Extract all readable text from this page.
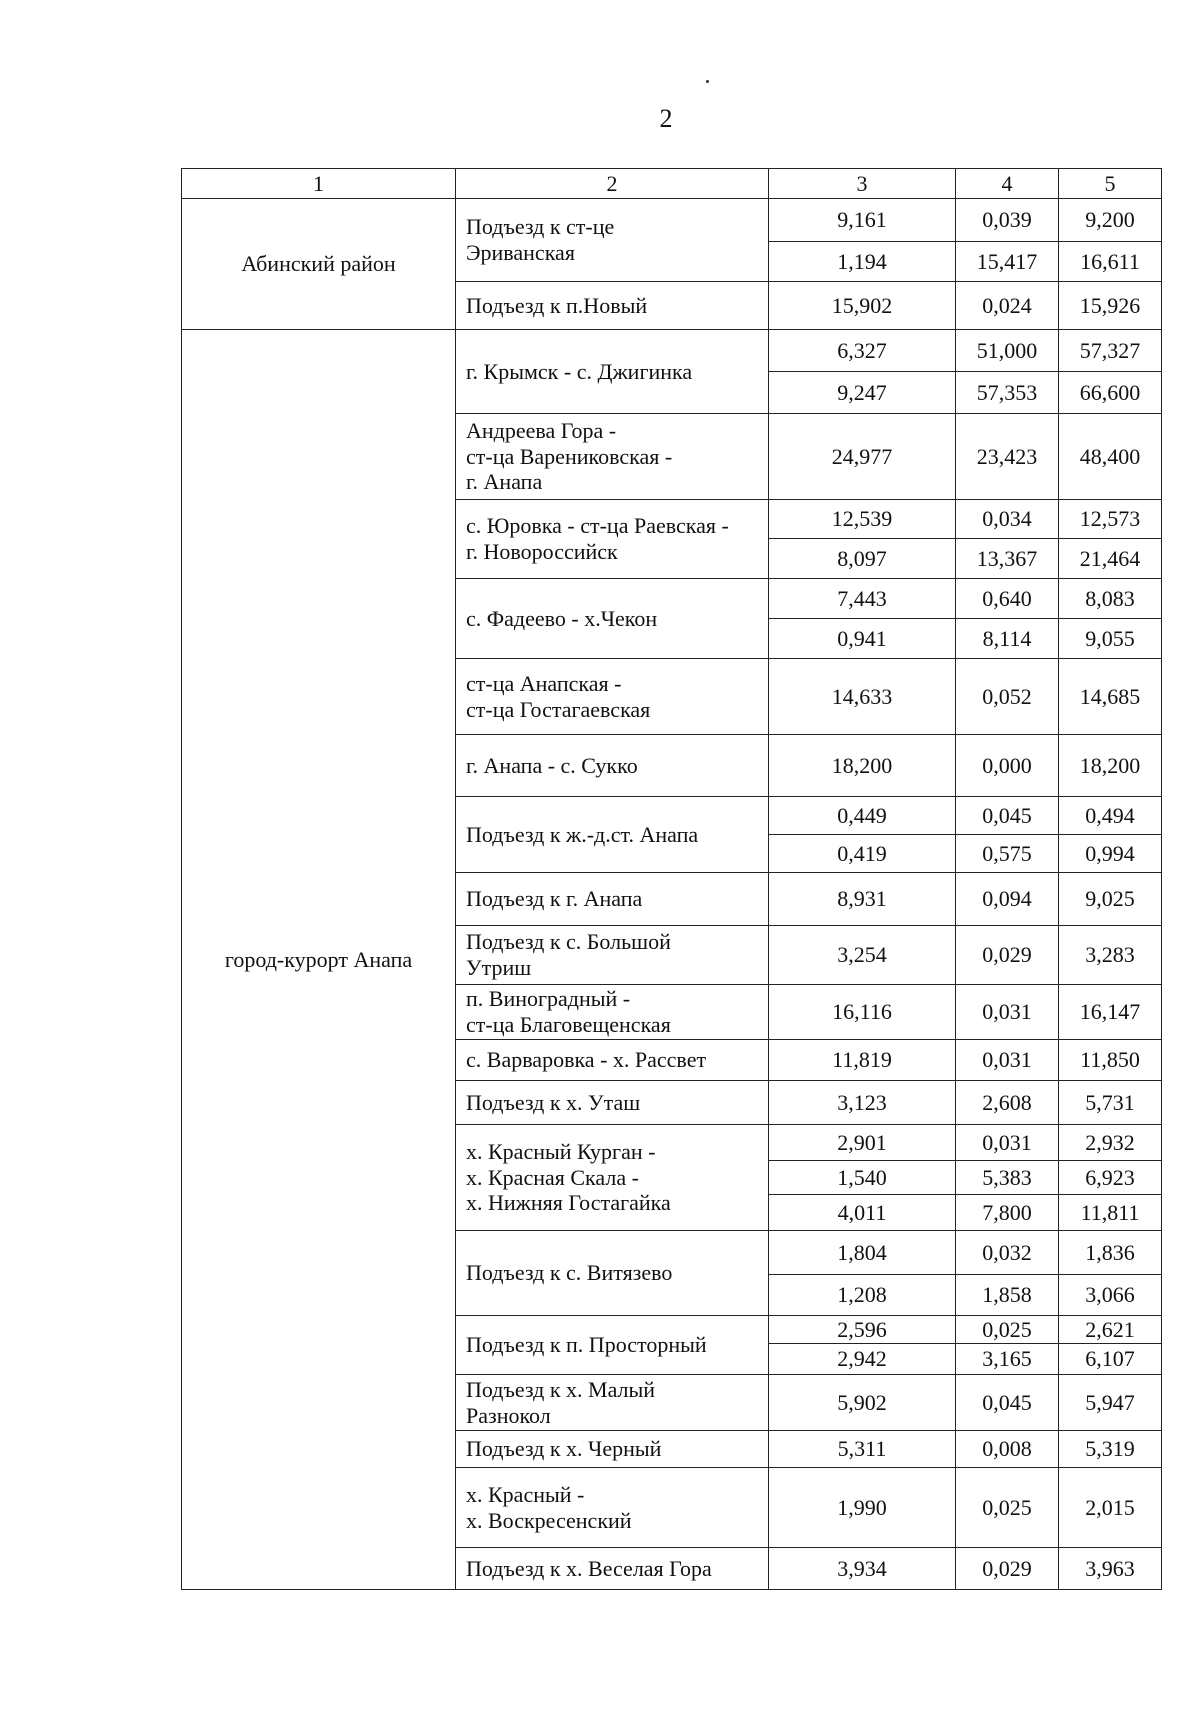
2
1	2	3	4	5
Абинский район	Подъезд к ст-це
Эриванская	9,161	0,039	9,200
		1,194	15,417	16,611
	Подъезд к п.Новый	15,902	0,024	15,926
город-курорт Анапа	г. Крымск - с. Джигинка	6,327	51,000	57,327
		9,247	57,353	66,600
	Андреева Гора -
ст-ца Варениковская -
г. Анапа	24,977	23,423	48,400
	с. Юровка - ст-ца Раевская -
г. Новороссийск	12,539	0,034	12,573
		8,097	13,367	21,464
	с. Фадеево - х.Чекон	7,443	0,640	8,083
		0,941	8,114	9,055
	ст-ца Анапская -
ст-ца Гостагаевская	14,633	0,052	14,685
	г. Анапа - с. Сукко	18,200	0,000	18,200
	Подъезд к ж.-д.ст. Анапа	0,449	0,045	0,494
		0,419	0,575	0,994
	Подъезд к г. Анапа	8,931	0,094	9,025
	Подъезд к с. Большой
Утриш	3,254	0,029	3,283
	п. Виноградный -
ст-ца Благовещенская	16,116	0,031	16,147
	с. Варваровка - х. Рассвет	11,819	0,031	11,850
	Подъезд к х. Уташ	3,123	2,608	5,731
	х. Красный Курган -
х. Красная Скала -
х. Нижняя Гостагайка	2,901	0,031	2,932
		1,540	5,383	6,923
		4,011	7,800	11,811
	Подъезд к с. Витязево	1,804	0,032	1,836
		1,208	1,858	3,066
	Подъезд к п. Просторный	2,596	0,025	2,621
		2,942	3,165	6,107
	Подъезд к х. Малый
Разнокол	5,902	0,045	5,947
	Подъезд к х. Черный	5,311	0,008	5,319
	х. Красный -
х. Воскресенский	1,990	0,025	2,015
	Подъезд к х. Веселая Гора	3,934	0,029	3,963
